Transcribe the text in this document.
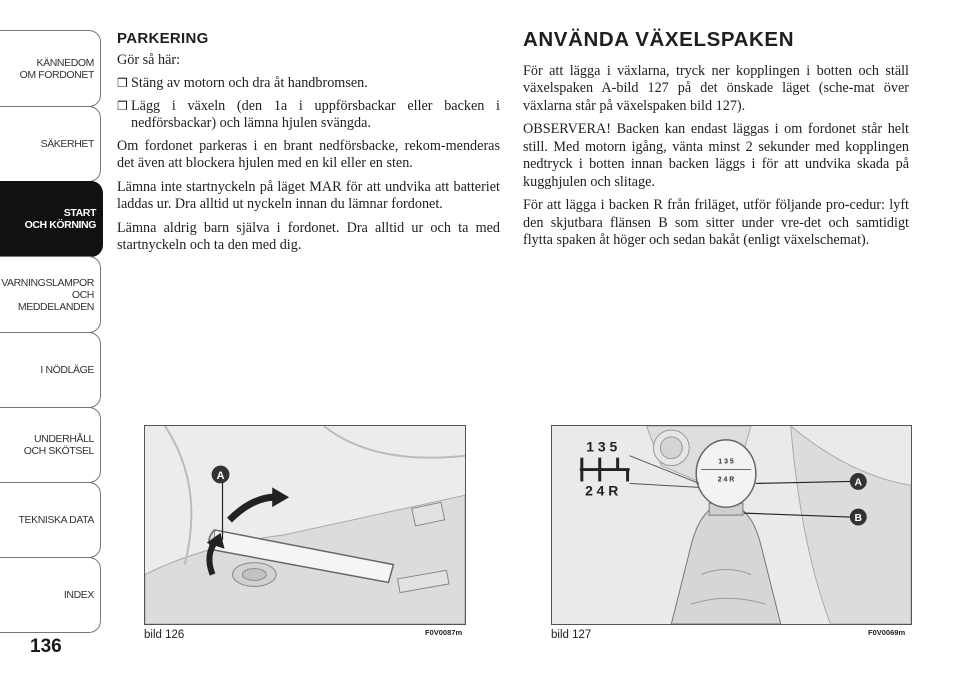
KÄNNEDOM
OM FORDONET
SÄKERHET
START
OCH KÖRNING
VARNINGSLAMPOR
OCH
MEDDELANDEN
I NÖDLÄGE
UNDERHÅLL
OCH SKÖTSEL
TEKNISKA DATA
INDEX
136
PARKERING

Gör så här:

❒ Stäng av motorn och dra åt handbromsen.
❒ Lägg i växeln (den 1a i uppförsbackar eller backen i nedförsbackar) och lämna hjulen svängda.

Om fordonet parkeras i en brant nedförsbacke, rekom-menderas det även att blockera hjulen med en kil eller en sten.

Lämna inte startnyckeln på läget MAR för att undvika att batteriet laddas ur. Dra alltid ut nyckeln innan du lämnar fordonet.

Lämna aldrig barn själva i fordonet. Dra alltid ur och ta med startnyckeln och ta den med dig.

ANVÄNDA VÄXELSPAKEN

För att lägga i växlarna, tryck ner kopplingen i botten och ställ växelspaken A-bild 127 på det önskade läget (sche-mat över växlarna står på växelspaken bild 127).

OBSERVERA! Backen kan endast läggas i om fordonet står helt still. Med motorn igång, vänta minst 2 sekunder med kopplingen nedtryck i botten innan backen läggs i för att undvika skada på kugghjulen och slitage.

För att lägga i backen R från friläget, utför följande pro-cedur: lyft den skjutbara flänsen B som sitter under vre-det och samtidigt flytta spaken åt höger och sedan bakåt (enligt växelschemat).

A
bild 126	F0V0087m
1 3 5
2 4 R
1 3 5
2 4 R	A
B
bild 127	F0V0069m
